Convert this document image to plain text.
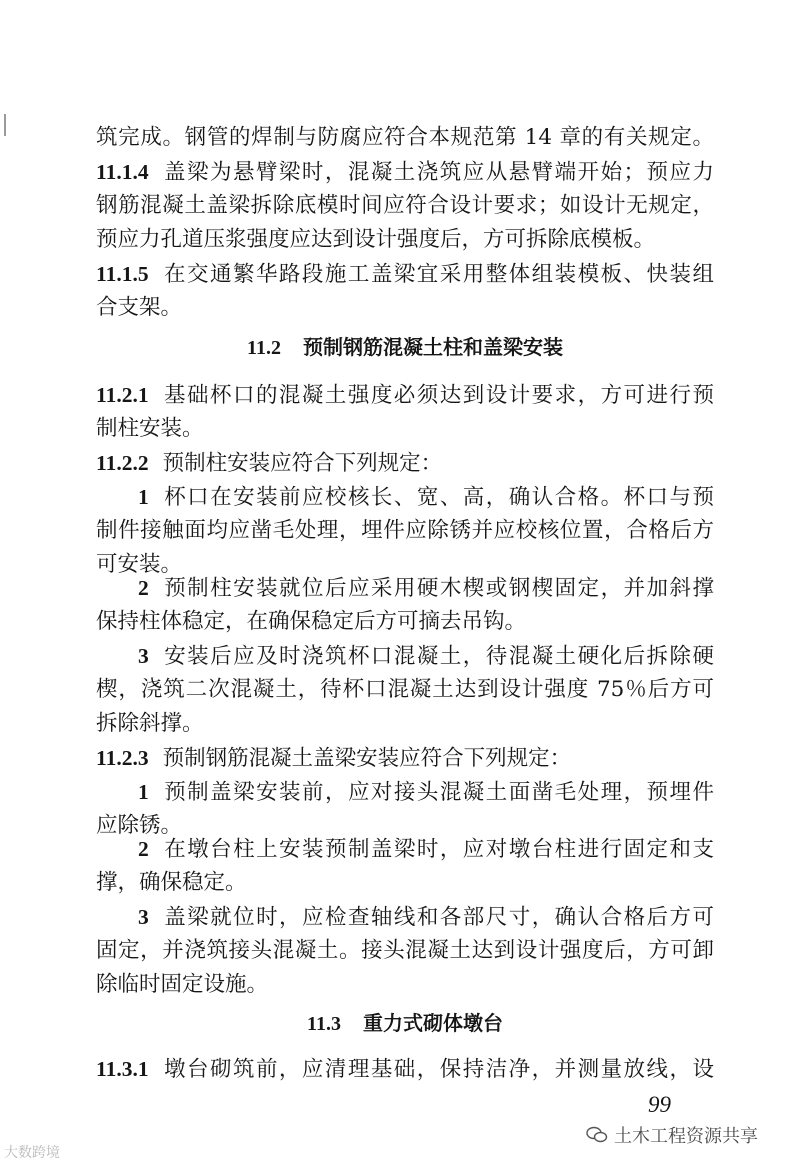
筑完成。钢管的焊制与防腐应符合本规范第 14 章的有关规定。
11.1.4 盖梁为悬臂梁时，混凝土浇筑应从悬臂端开始；预应力
钢筋混凝土盖梁拆除底模时间应符合设计要求；如设计无规定，
预应力孔道压浆强度应达到设计强度后，方可拆除底模板。
11.1.5 在交通繁华路段施工盖梁宜采用整体组装模板、快装组
合支架。
11.2 预制钢筋混凝土柱和盖梁安装
11.2.1 基础杯口的混凝土强度必须达到设计要求，方可进行预
制柱安装。
11.2.2 预制柱安装应符合下列规定：
1 杯口在安装前应校核长、宽、高，确认合格。杯口与预
制件接触面均应凿毛处理，埋件应除锈并应校核位置，合格后方
可安装。
2 预制柱安装就位后应采用硬木楔或钢楔固定，并加斜撑
保持柱体稳定，在确保稳定后方可摘去吊钩。
3 安装后应及时浇筑杯口混凝土，待混凝土硬化后拆除硬
楔，浇筑二次混凝土，待杯口混凝土达到设计强度 75％后方可
拆除斜撑。
11.2.3 预制钢筋混凝土盖梁安装应符合下列规定：
1 预制盖梁安装前，应对接头混凝土面凿毛处理，预埋件
应除锈。
2 在墩台柱上安装预制盖梁时，应对墩台柱进行固定和支
撑，确保稳定。
3 盖梁就位时，应检查轴线和各部尺寸，确认合格后方可
固定，并浇筑接头混凝土。接头混凝土达到设计强度后，方可卸
除临时固定设施。
11.3 重力式砌体墩台
11.3.1 墩台砌筑前，应清理基础，保持洁净，并测量放线，设
99
大数跨境
土木工程资源共享
